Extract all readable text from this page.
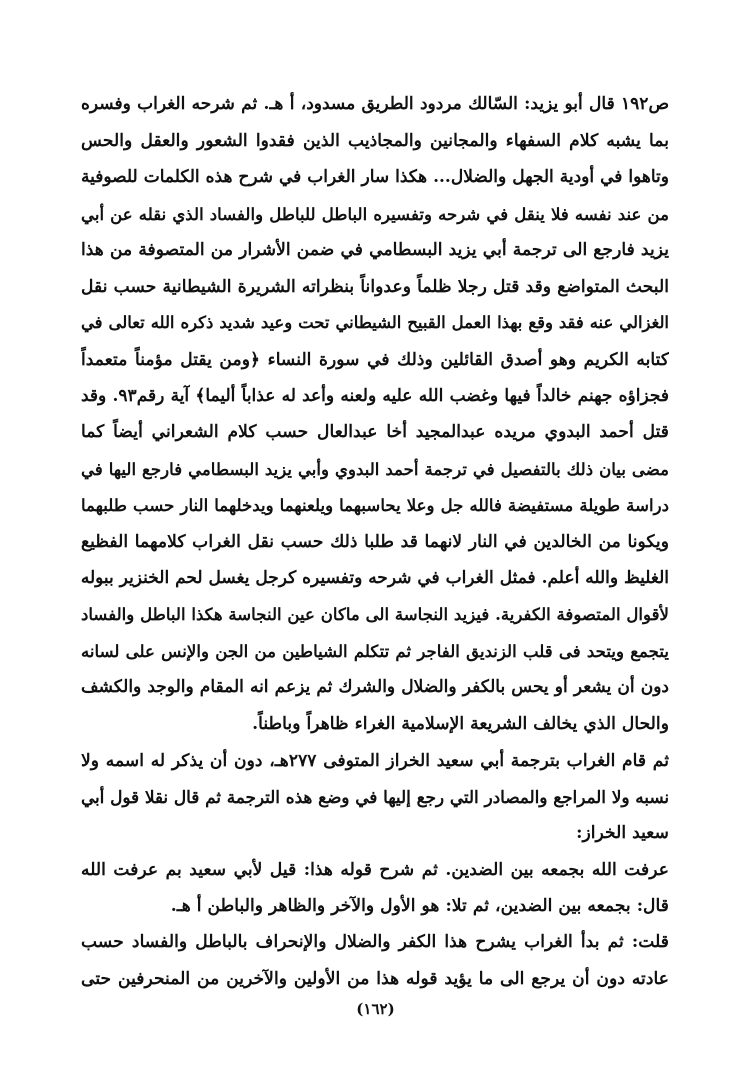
ص١٩٢ قال أبو يزيد: السّالك مردود الطريق مسدود، أ هـ. ثم شرحه الغراب وفسره
بما يشبه كلام السفهاء والمجانين والمجاذيب الذين فقدوا الشعور والعقل والحس
وتاهوا في أودية الجهل والضلال... هكذا سار الغراب في شرح هذه الكلمات للصوفية
من عند نفسه فلا ينقل في شرحه وتفسيره الباطل للباطل والفساد الذي نقله عن أبي
يزيد فارجع الى ترجمة أبي يزيد البسطامي في ضمن الأشرار من المتصوفة من هذا
البحث المتواضع وقد قتل رجلا ظلماً وعدواناً بنظراته الشريرة الشيطانية حسب نقل
الغزالي عنه فقد وقع بهذا العمل القبيح الشيطاني تحت وعيد شديد ذكره الله تعالى في
كتابه الكريم وهو أصدق القائلين وذلك في سورة النساء ﴿ومن يقتل مؤمناً متعمداً
فجزاؤه جهنم خالداً فيها وغضب الله عليه ولعنه وأعد له عذاباً أليما﴾ آية رقم٩٣. وقد
قتل أحمد البدوي مريده عبدالمجيد أخا عبدالعال حسب كلام الشعراني أيضاً كما
مضى بيان ذلك بالتفصيل في ترجمة أحمد البدوي وأبي يزيد البسطامي فارجع اليها في
دراسة طويلة مستفيضة فالله جل وعلا يحاسبهما ويلعنهما ويدخلهما النار حسب طلبهما
ويكونا من الخالدين في النار لانهما قد طلبا ذلك حسب نقل الغراب كلامهما الفظيع
الغليظ والله أعلم. فمثل الغراب في شرحه وتفسيره كرجل يغسل لحم الخنزير ببوله
لأقوال المتصوفة الكفرية. فيزيد النجاسة الى ماكان عين النجاسة هكذا الباطل والفساد
يتجمع ويتحد فى قلب الزنديق الفاجر ثم تتكلم الشياطين من الجن والإنس على لسانه
دون أن يشعر أو يحس بالكفر والضلال والشرك ثم يزعم انه المقام والوجد والكشف
والحال الذي يخالف الشريعة الإسلامية الغراء ظاهراً وباطناً.
ثم قام الغراب بترجمة أبي سعيد الخراز المتوفى ٢٧٧هـ، دون أن يذكر له اسمه ولا
نسبه ولا المراجع والمصادر التي رجع إليها في وضع هذه الترجمة ثم قال نقلا قول أبي
سعيد الخراز:
عرفت الله بجمعه بين الضدين. ثم شرح قوله هذا: قيل لأبي سعيد بم عرفت الله
قال: بجمعه بين الضدين، ثم تلا: هو الأول والآخر والظاهر والباطن أ هـ.
قلت: ثم بدأ الغراب يشرح هذا الكفر والضلال والإنحراف بالباطل والفساد حسب
عادته دون أن يرجع الى ما يؤيد قوله هذا من الأولين والآخرين من المنحرفين حتى
(١٦٢)
